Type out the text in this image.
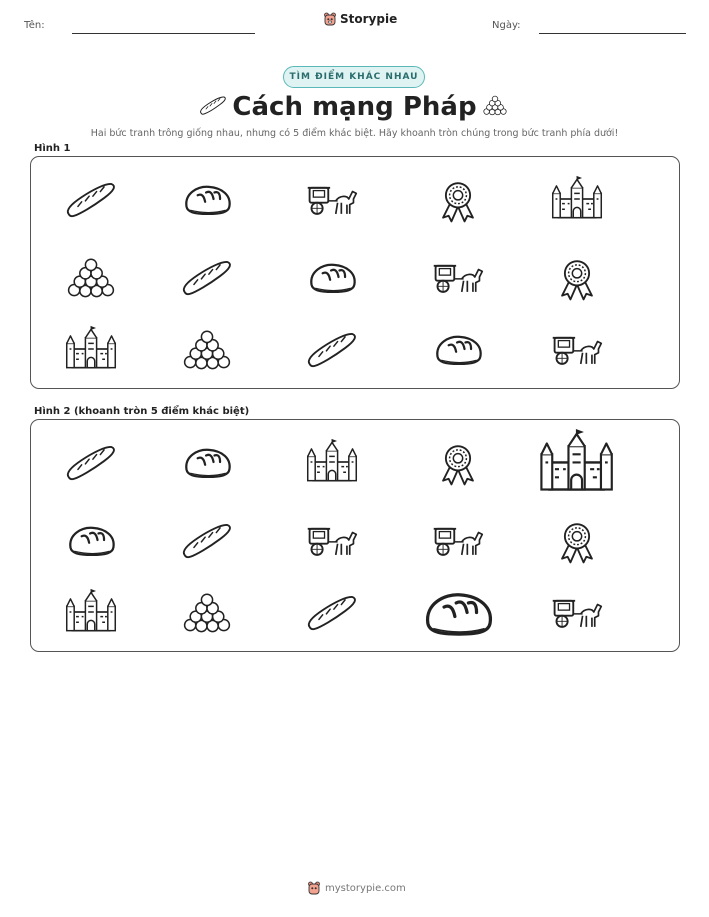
Tên:	Ngày:
Storypie
TÌM ĐIỂM KHÁC NHAU
Cách mạng Pháp
Hai bức tranh trông giống nhau, nhưng có 5 điểm khác biệt. Hãy khoanh tròn chúng trong bức tranh phía dưới!
Hình 1
Hình 2 (khoanh tròn 5 điểm khác biệt)
mystorypie.com
